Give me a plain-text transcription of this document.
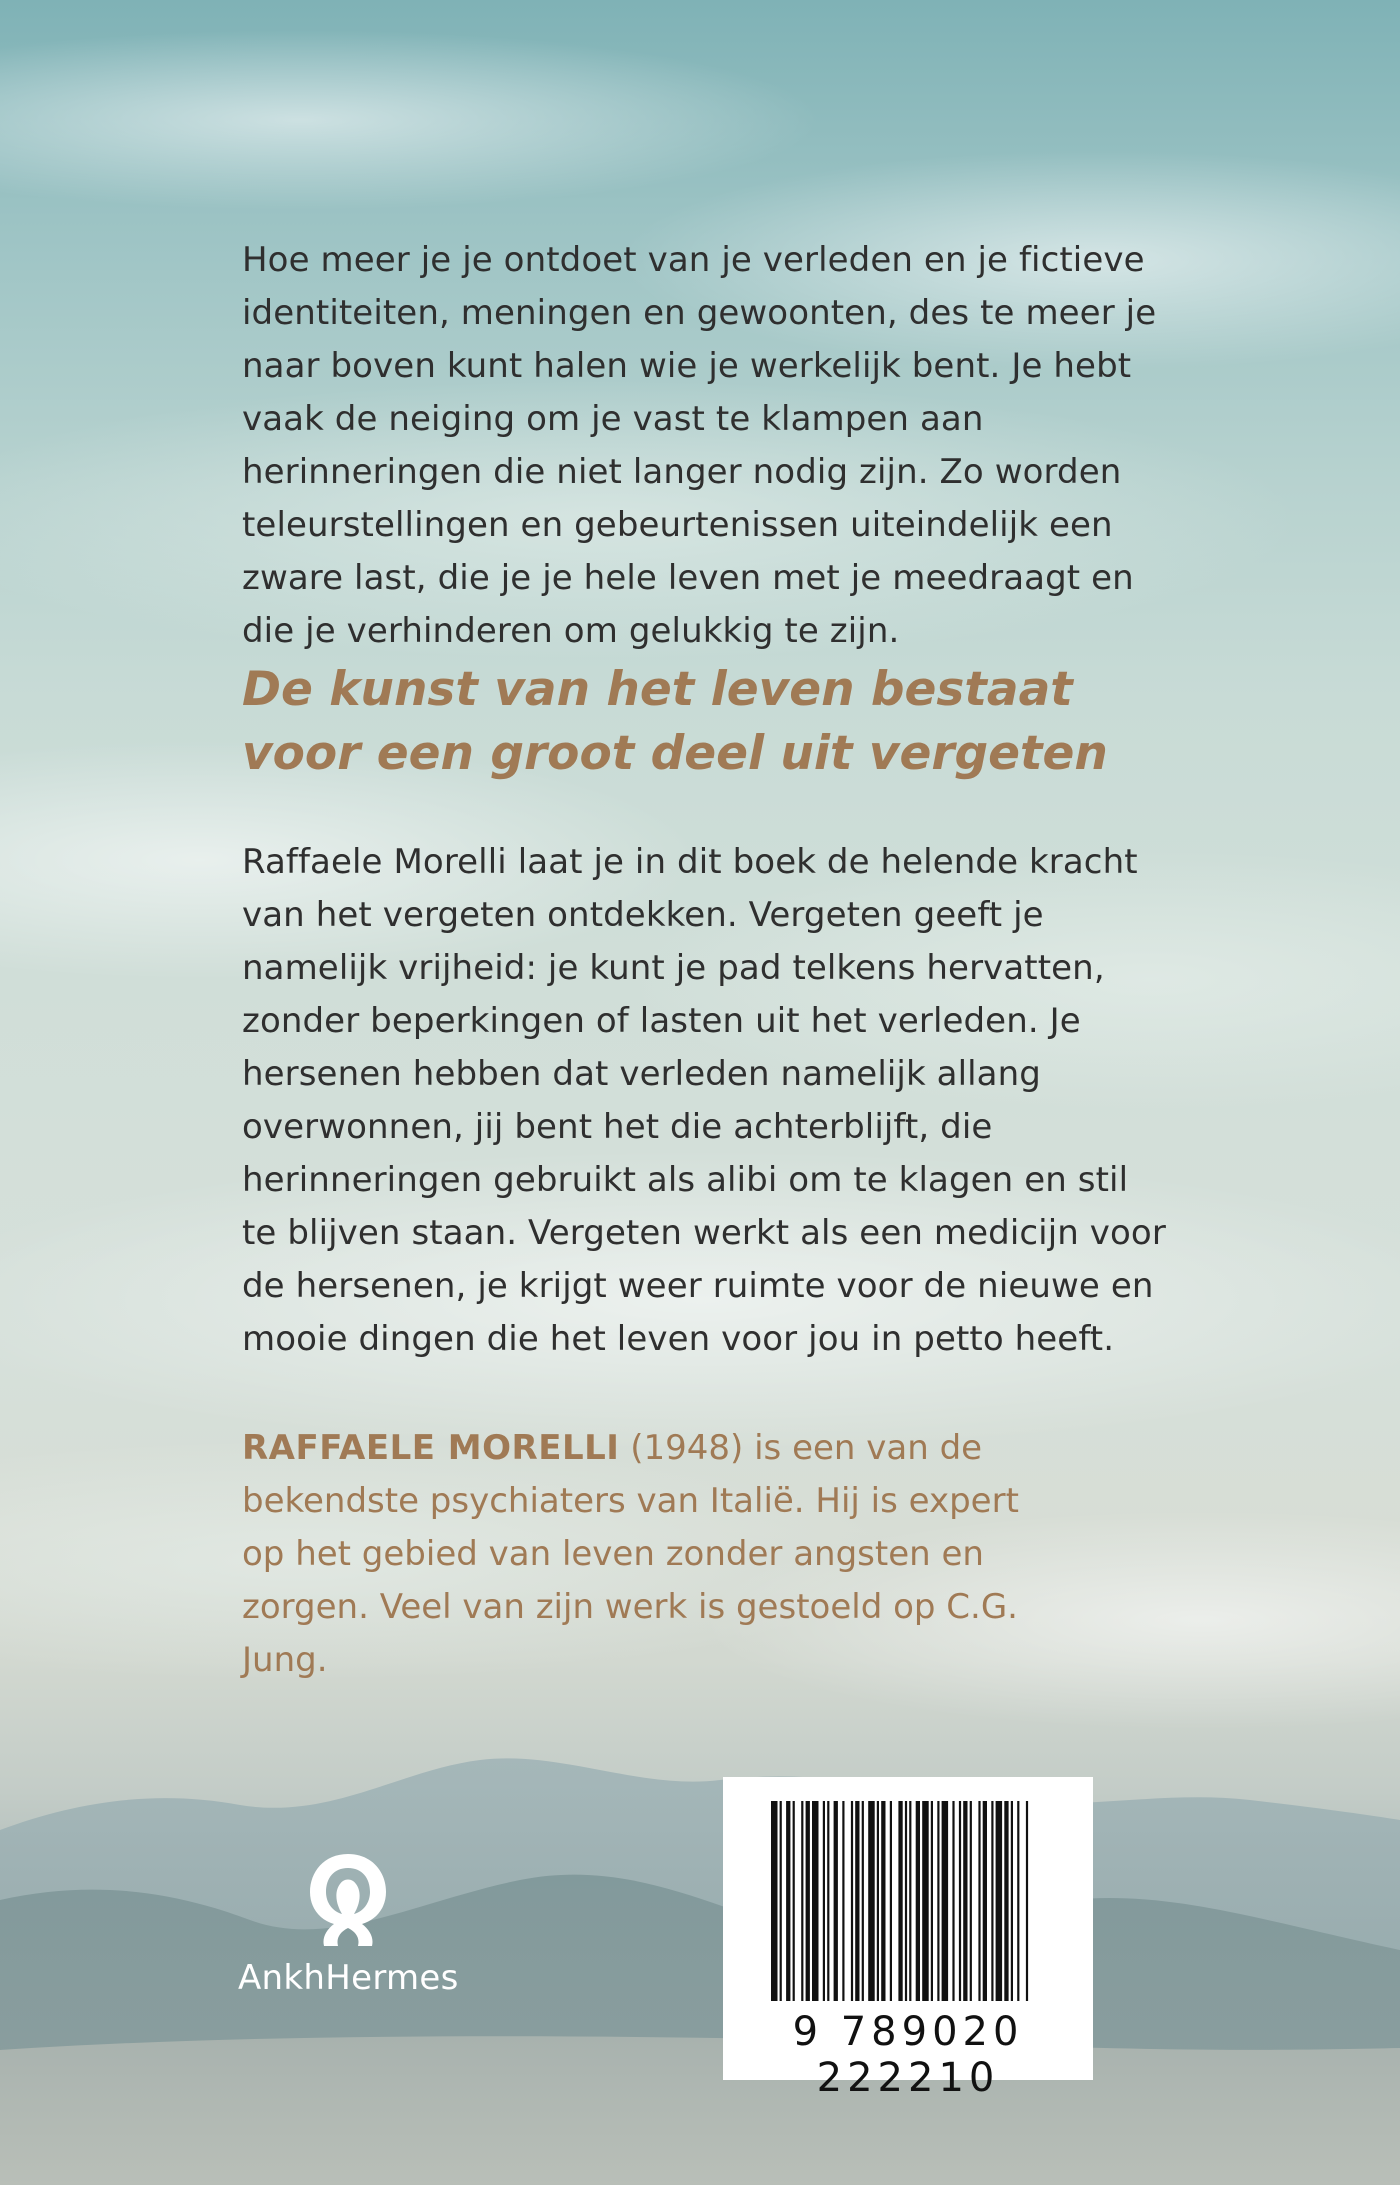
Hoe meer je je ontdoet van je verleden en je fictieve identiteiten, meningen en gewoonten, des te meer je naar boven kunt halen wie je werkelijk bent. Je hebt vaak de neiging om je vast te klampen aan herinneringen die niet langer nodig zijn. Zo worden teleurstellingen en gebeurtenissen uiteindelijk een zware last, die je je hele leven met je meedraagt en die je verhinderen om gelukkig te zijn.

De kunst van het leven bestaat
voor een groot deel uit vergeten

Raffaele Morelli laat je in dit boek de helende kracht van het vergeten ontdekken. Vergeten geeft je namelijk vrijheid: je kunt je pad telkens hervatten, zonder beperkingen of lasten uit het verleden. Je hersenen hebben dat verleden namelijk allang overwonnen, jij bent het die achterblijft, die herinneringen gebruikt als alibi om te klagen en stil te blijven staan. Vergeten werkt als een medicijn voor de hersenen, je krijgt weer ruimte voor de nieuwe en mooie dingen die het leven voor jou in petto heeft.

RAFFAELE MORELLI (1948) is een van de bekendste psychiaters van Italië. Hij is expert op het gebied van leven zonder angsten en zorgen. Veel van zijn werk is gestoeld op C.G. Jung.

AnkhHermes
9 789020 222210
